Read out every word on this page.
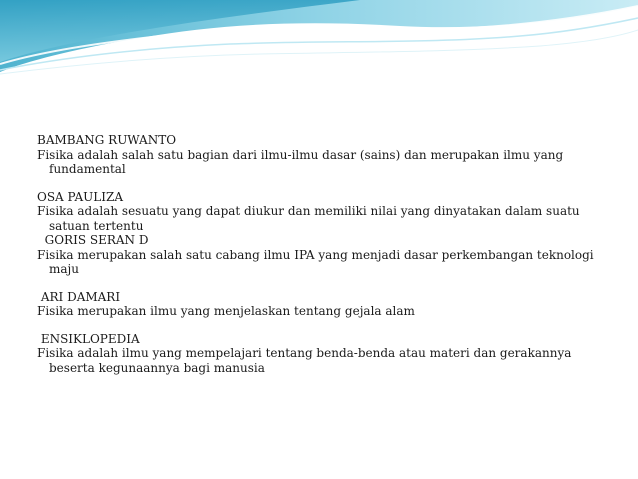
BAMBANG RUWANTO
Fisika adalah salah satu bagian dari ilmu-ilmu dasar (sains) dan merupakan ilmu yang fundamental
OSA PAULIZA
Fisika adalah sesuatu yang dapat diukur dan memiliki nilai yang dinyatakan dalam suatu satuan tertentu
GORIS SERAN D
Fisika merupakan salah satu cabang ilmu IPA yang menjadi dasar perkembangan teknologi maju
ARI DAMARI
Fisika merupakan ilmu yang menjelaskan tentang gejala alam
ENSIKLOPEDIA
Fisika adalah ilmu yang mempelajari tentang benda-benda atau materi dan gerakannya beserta kegunaannya bagi manusia
